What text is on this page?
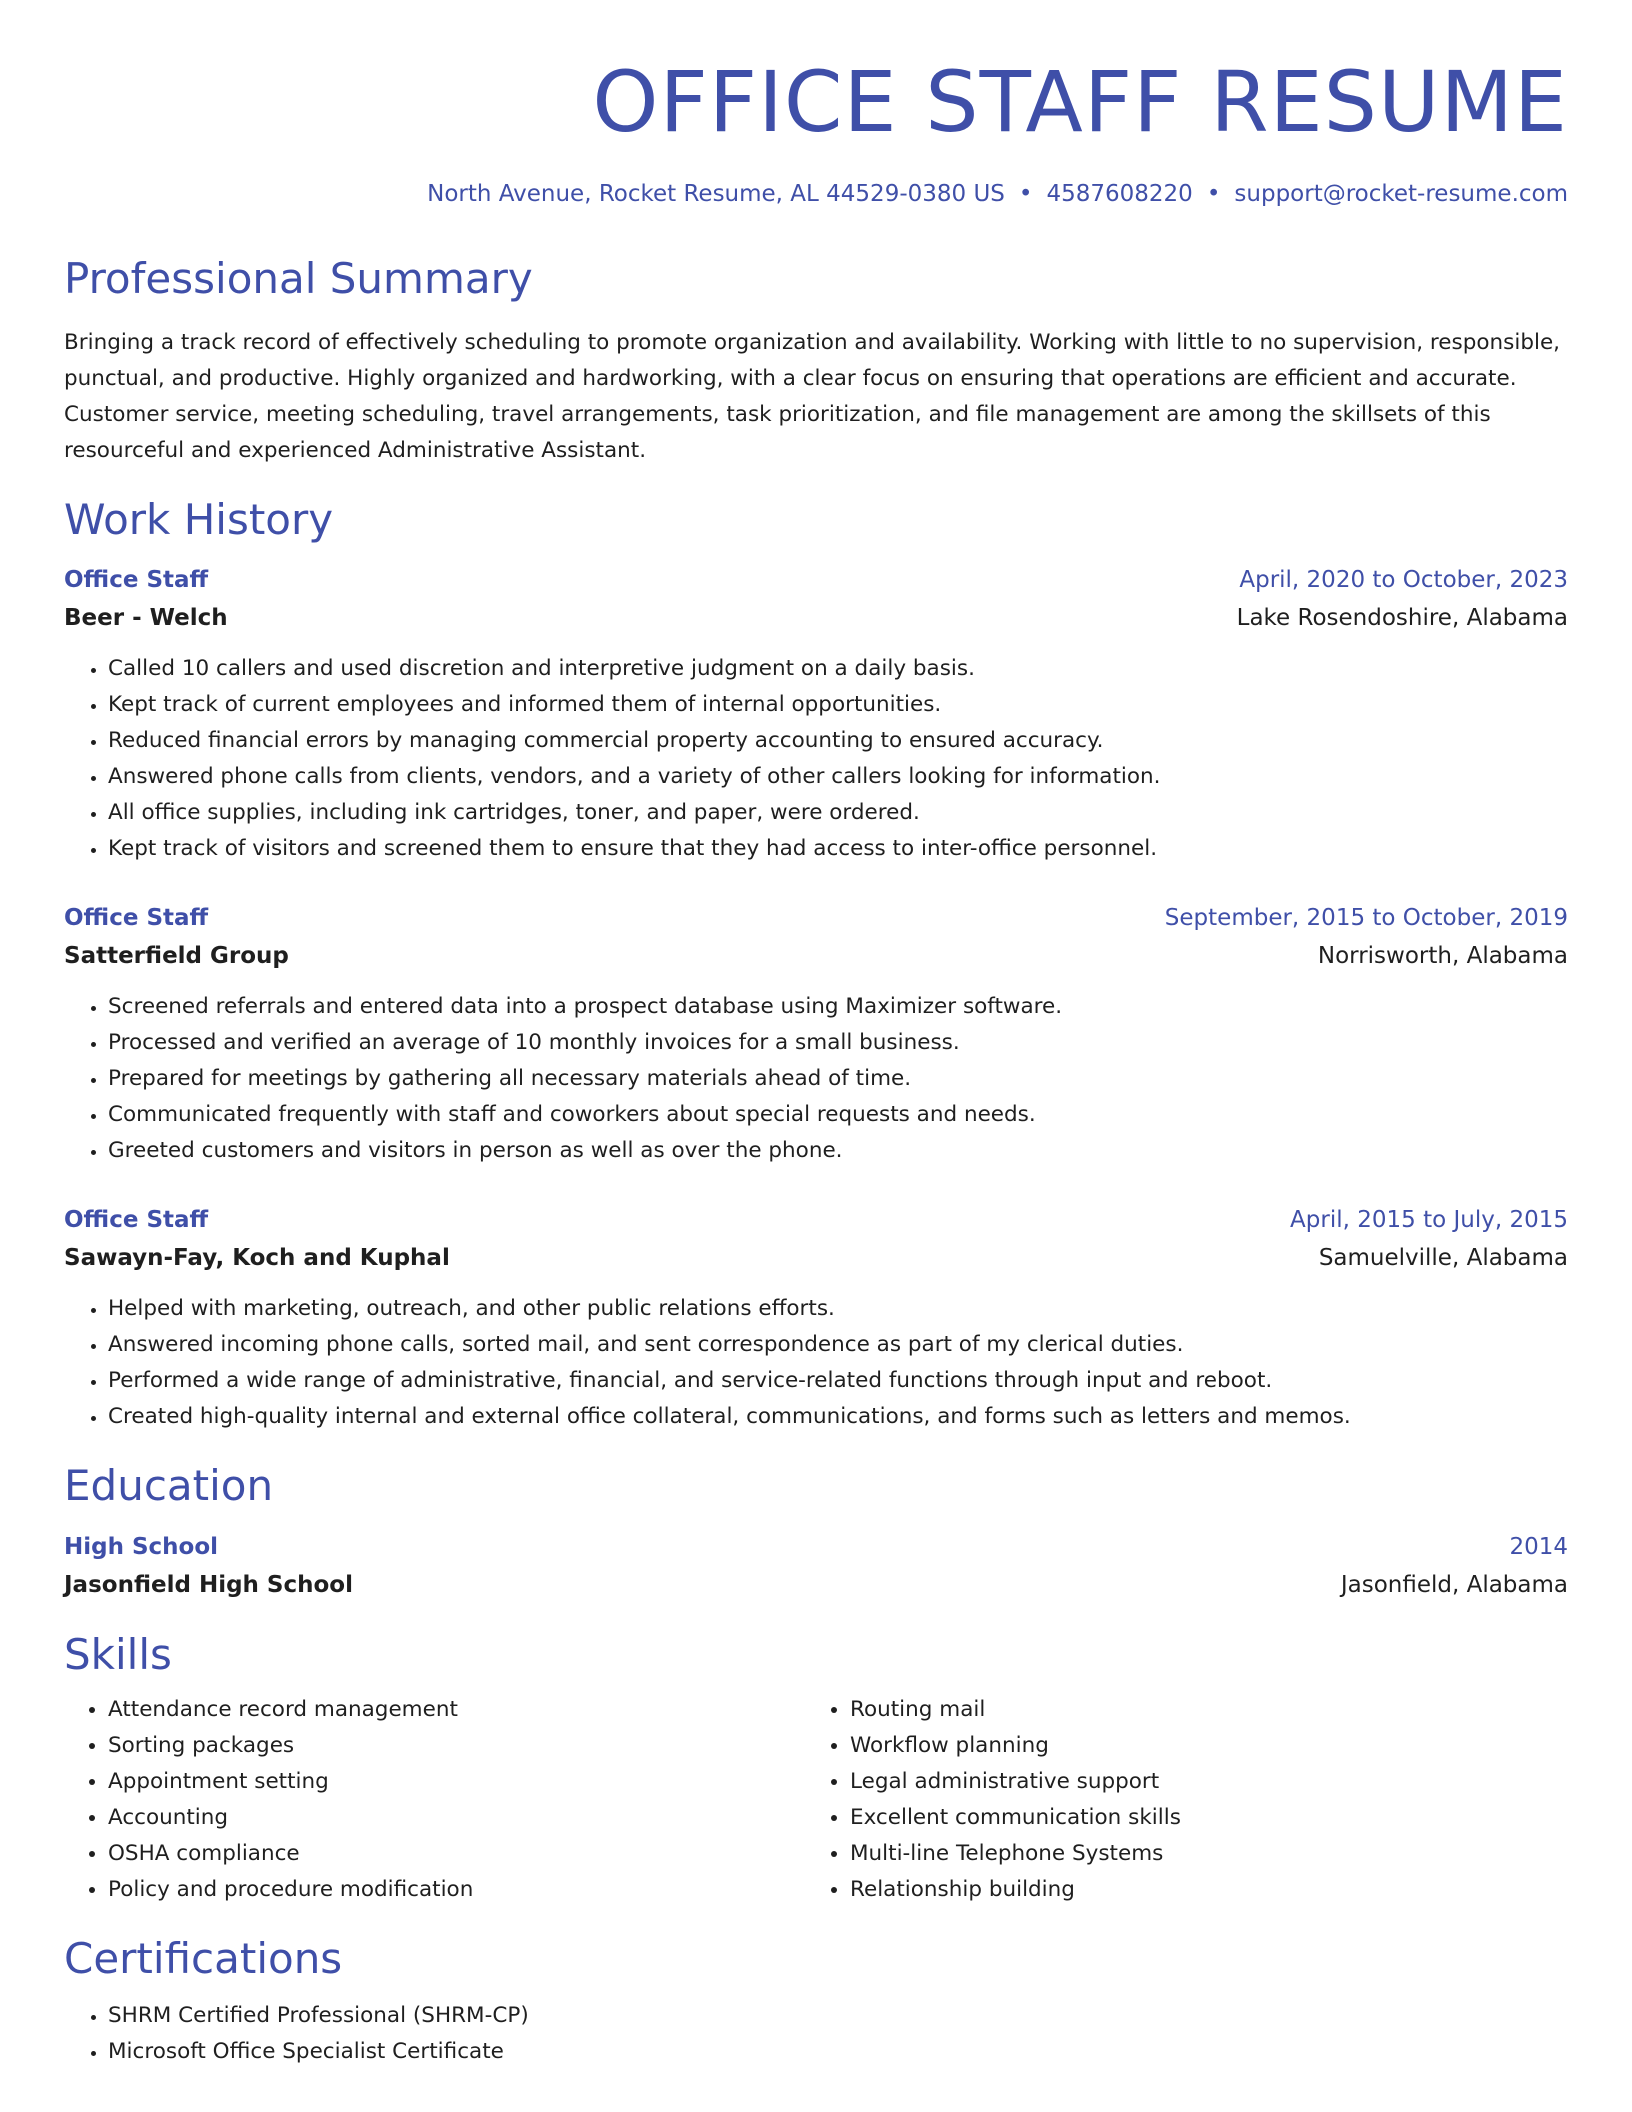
OFFICE STAFF RESUME
North Avenue, Rocket Resume, AL 44529-0380 US • 4587608220 • support@rocket-resume.com
Professional Summary
Bringing a track record of effectively scheduling to promote organization and availability. Working with little to no supervision, responsible, punctual, and productive. Highly organized and hardworking, with a clear focus on ensuring that operations are efficient and accurate. Customer service, meeting scheduling, travel arrangements, task prioritization, and file management are among the skillsets of this resourceful and experienced Administrative Assistant.
Work History
Office Staff	April, 2020 to October, 2023
Beer - Welch	Lake Rosendoshire, Alabama
• Called 10 callers and used discretion and interpretive judgment on a daily basis.
• Kept track of current employees and informed them of internal opportunities.
• Reduced financial errors by managing commercial property accounting to ensured accuracy.
• Answered phone calls from clients, vendors, and a variety of other callers looking for information.
• All office supplies, including ink cartridges, toner, and paper, were ordered.
• Kept track of visitors and screened them to ensure that they had access to inter-office personnel.
Office Staff	September, 2015 to October, 2019
Satterfield Group	Norrisworth, Alabama
• Screened referrals and entered data into a prospect database using Maximizer software.
• Processed and verified an average of 10 monthly invoices for a small business.
• Prepared for meetings by gathering all necessary materials ahead of time.
• Communicated frequently with staff and coworkers about special requests and needs.
• Greeted customers and visitors in person as well as over the phone.
Office Staff	April, 2015 to July, 2015
Sawayn-Fay, Koch and Kuphal	Samuelville, Alabama
• Helped with marketing, outreach, and other public relations efforts.
• Answered incoming phone calls, sorted mail, and sent correspondence as part of my clerical duties.
• Performed a wide range of administrative, financial, and service-related functions through input and reboot.
• Created high-quality internal and external office collateral, communications, and forms such as letters and memos.
Education
High School	2014
Jasonfield High School	Jasonfield, Alabama
Skills
• Attendance record management
• Sorting packages
• Appointment setting
• Accounting
• OSHA compliance
• Policy and procedure modification
• Routing mail
• Workflow planning
• Legal administrative support
• Excellent communication skills
• Multi-line Telephone Systems
• Relationship building
Certifications
• SHRM Certified Professional (SHRM-CP)
• Microsoft Office Specialist Certificate
